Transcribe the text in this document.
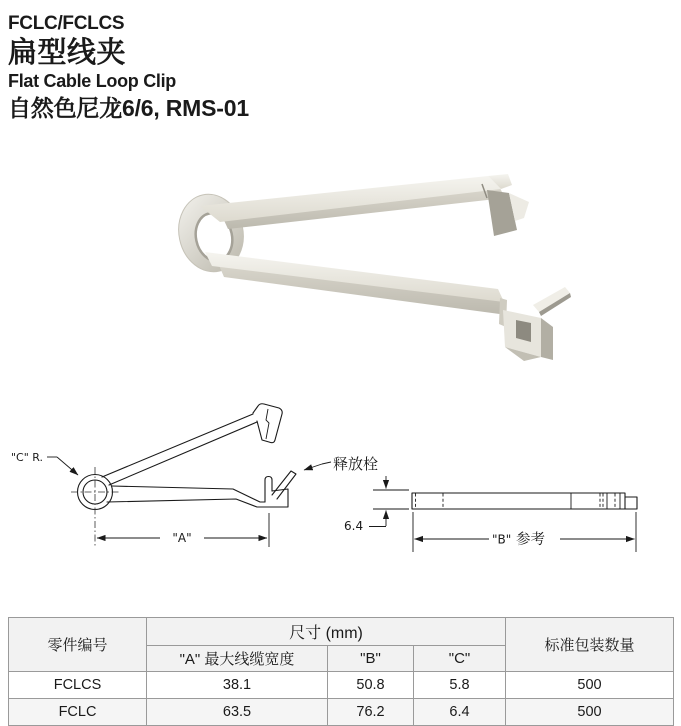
FCLC/FCLCS
扁型线夹
Flat Cable Loop Clip
自然色尼龙6/6, RMS-01
"A"
"C" R.	释放栓
6.4
"B" 参考
零件编号	尺寸 (mm)			标准包装数量
	"A" 最大线缆宽度	"B"	"C"	
FCLCS	38.1	50.8	5.8	500
FCLC	63.5	76.2	6.4	500
